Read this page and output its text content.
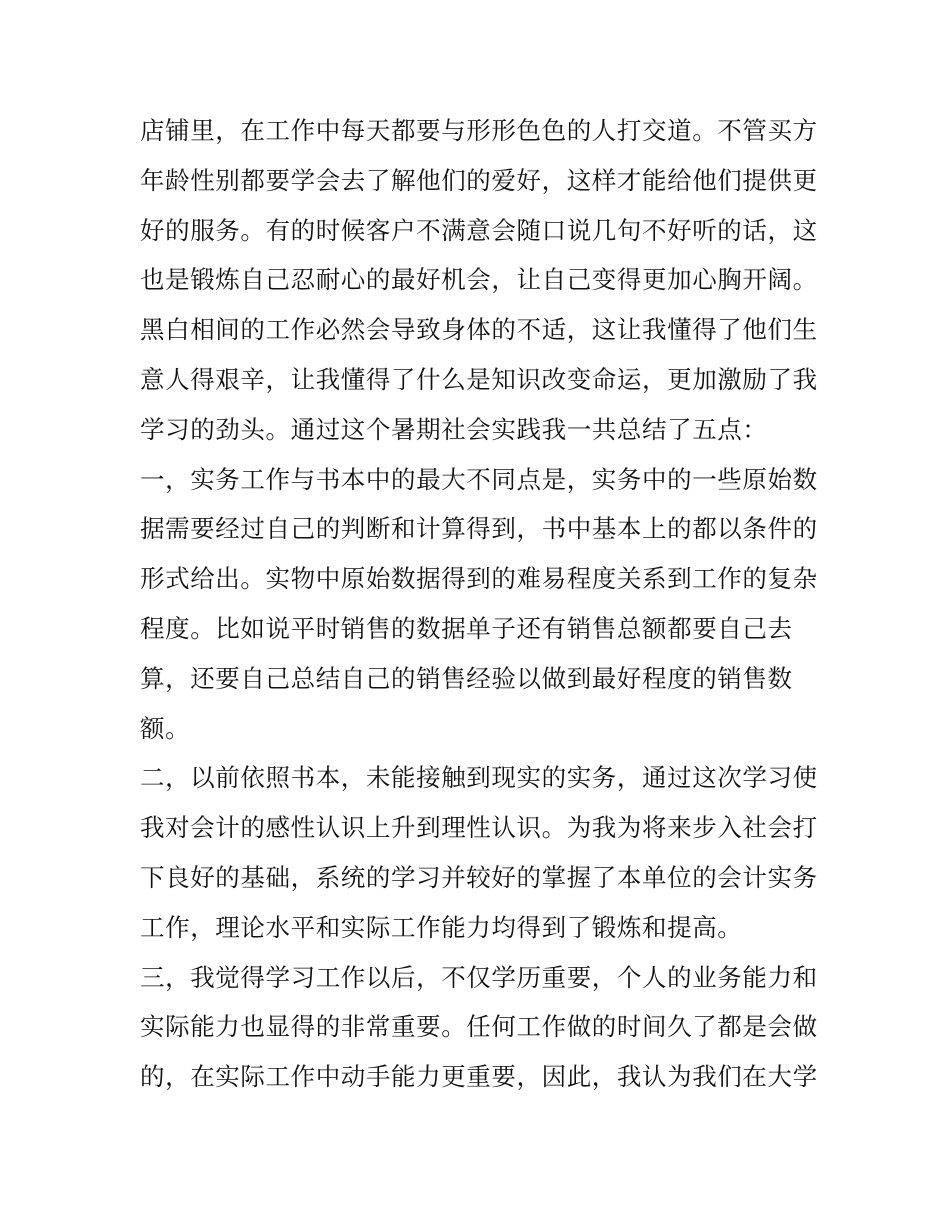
店铺里，在工作中每天都要与形形色色的人打交道。不管买方
年龄性别都要学会去了解他们的爱好，这样才能给他们提供更
好的服务。有的时候客户不满意会随口说几句不好听的话，这
也是锻炼自己忍耐心的最好机会，让自己变得更加心胸开阔。
黑白相间的工作必然会导致身体的不适，这让我懂得了他们生
意人得艰辛，让我懂得了什么是知识改变命运，更加激励了我
学习的劲头。通过这个暑期社会实践我一共总结了五点：
一，实务工作与书本中的最大不同点是，实务中的一些原始数
据需要经过自己的判断和计算得到，书中基本上的都以条件的
形式给出。实物中原始数据得到的难易程度关系到工作的复杂
程度。比如说平时销售的数据单子还有销售总额都要自己去
算，还要自己总结自己的销售经验以做到最好程度的销售数
额。
二，以前依照书本，未能接触到现实的实务，通过这次学习使
我对会计的感性认识上升到理性认识。为我为将来步入社会打
下良好的基础，系统的学习并较好的掌握了本单位的会计实务
工作，理论水平和实际工作能力均得到了锻炼和提高。
三，我觉得学习工作以后，不仅学历重要，个人的业务能力和
实际能力也显得的非常重要。任何工作做的时间久了都是会做
的，在实际工作中动手能力更重要，因此，我认为我们在大学
